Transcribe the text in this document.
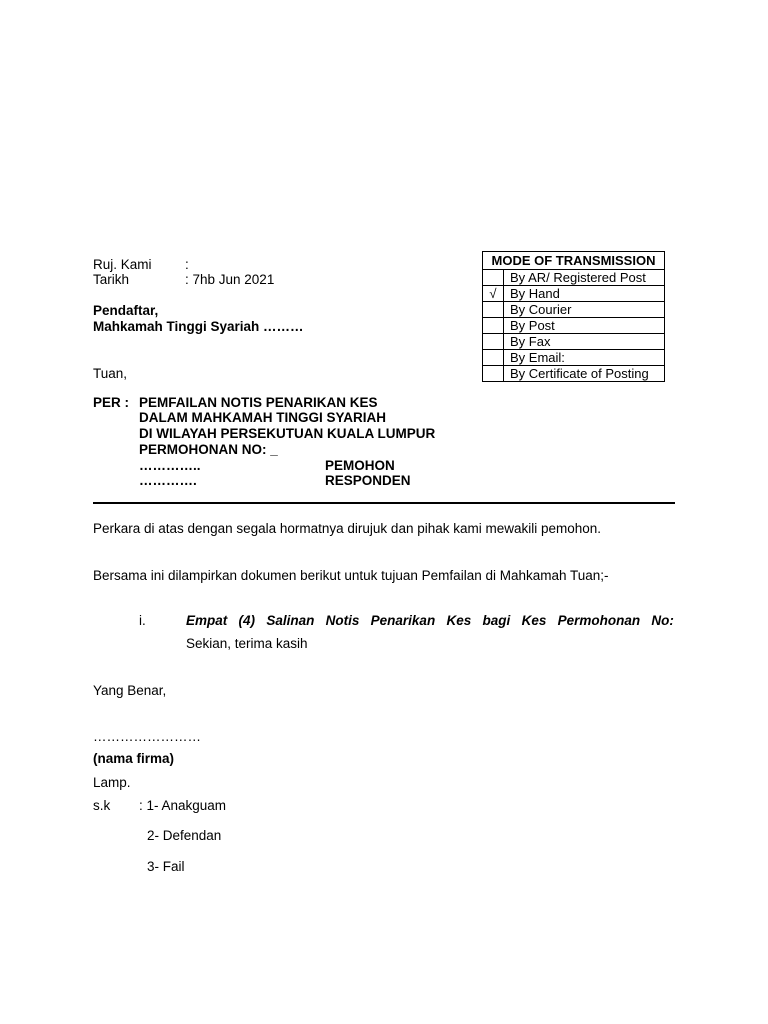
Ruj. Kami :
Tarikh	: 7hb Jun 2021
Pendaftar,
Mahkamah Tinggi Syariah ………
MODE OF TRANSMISSION	
	By AR/ Registered Post
√	By Hand
	By Courier
	By Post
	By Fax
	By Email:
	By Certificate of Posting
Tuan,
PER : PEMFAILAN NOTIS PENARIKAN KES
DALAM MAHKAMAH TINGGI SYARIAH
DI WILAYAH PERSEKUTUAN KUALA LUMPUR
PERMOHONAN NO: _
…………..	PEMOHON
………….	RESPONDEN
Perkara di atas dengan segala hormatnya dirujuk dan pihak kami mewakili pemohon.
Bersama ini dilampirkan dokumen berikut untuk tujuan Pemfailan di Mahkamah Tuan;-
i.	Empat (4) Salinan Notis Penarikan Kes bagi Kes Permohonan No:
Sekian, terima kasih
Yang Benar,
……………………
(nama firma)
Lamp.
s.k : 1- Anakguam
2- Defendan
3- Fail
